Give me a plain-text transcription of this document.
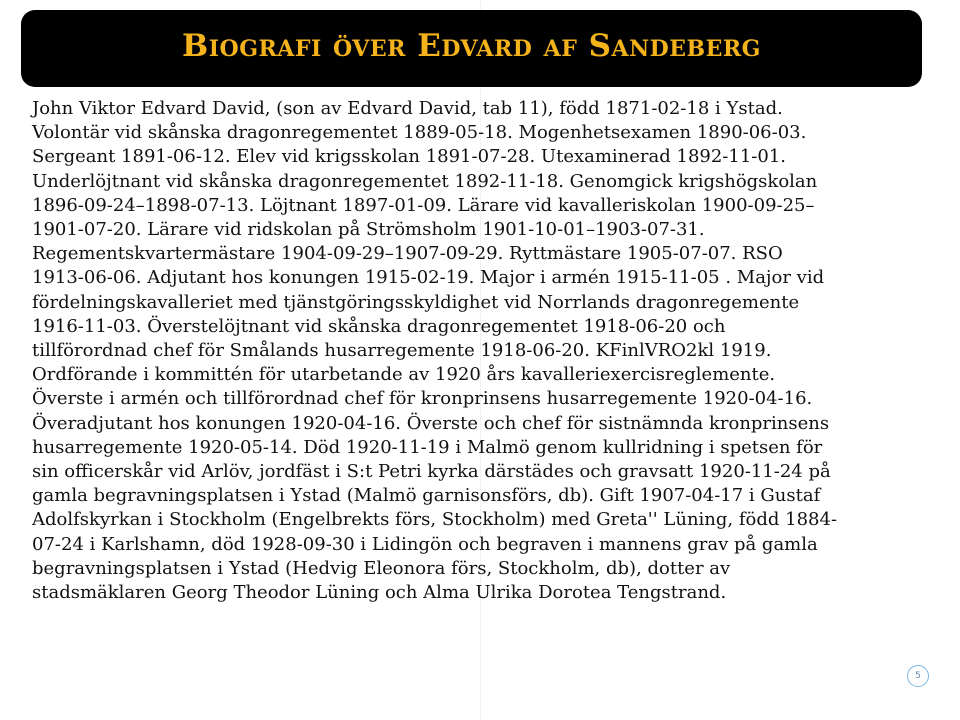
Biografi över Edvard af Sandeberg
John Viktor Edvard David, (son av Edvard David, tab 11), född 1871-02-18 i Ystad.
Volontär vid skånska dragonregementet 1889-05-18. Mogenhetsexamen 1890-06-03.
Sergeant 1891-06-12. Elev vid krigsskolan 1891-07-28. Utexaminerad 1892-11-01.
Underlöjtnant vid skånska dragonregementet 1892-11-18. Genomgick krigshögskolan
1896-09-24–1898-07-13. Löjtnant 1897-01-09. Lärare vid kavalleriskolan 1900-09-25–
1901-07-20. Lärare vid ridskolan på Strömsholm 1901-10-01–1903-07-31.
Regementskvartermästare 1904-09-29–1907-09-29. Ryttmästare 1905-07-07. RSO
1913-06-06. Adjutant hos konungen 1915-02-19. Major i armén 1915-11-05 . Major vid
fördelningskavalleriet med tjänstgöringsskyldighet vid Norrlands dragonregemente
1916-11-03. Överstelöjtnant vid skånska dragonregementet 1918-06-20 och
tillförordnad chef för Smålands husarregemente 1918-06-20. KFinlVRO2kl 1919.
Ordförande i kommittén för utarbetande av 1920 års kavalleriexercisreglemente.
Överste i armén och tillförordnad chef för kronprinsens husarregemente 1920-04-16.
Överadjutant hos konungen 1920-04-16. Överste och chef för sistnämnda kronprinsens
husarregemente 1920-05-14. Död 1920-11-19 i Malmö genom kullridning i spetsen för
sin officerskår vid Arlöv, jordfäst i S:t Petri kyrka därstädes och gravsatt 1920-11-24 på
gamla begravningsplatsen i Ystad (Malmö garnisonsförs, db). Gift 1907-04-17 i Gustaf
Adolfskyrkan i Stockholm (Engelbrekts förs, Stockholm) med Greta'' Lüning, född 1884-
07-24 i Karlshamn, död 1928-09-30 i Lidingön och begraven i mannens grav på gamla
begravningsplatsen i Ystad (Hedvig Eleonora förs, Stockholm, db), dotter av
stadsmäklaren Georg Theodor Lüning och Alma Ulrika Dorotea Tengstrand.
5
